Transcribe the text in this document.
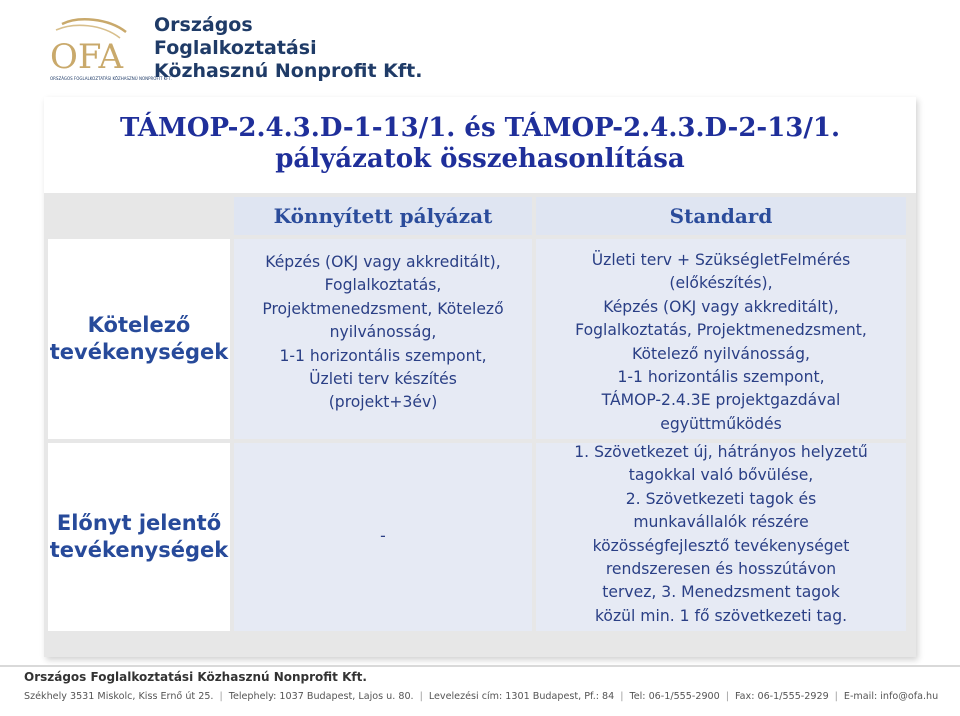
OFA
ORSZÁGOS FOGLALKOZTATÁSI KÖZHASZNÚ NONPROFIT KFT.
Országos
Foglalkoztatási
Közhasznú Nonprofit Kft.
TÁMOP-2.4.3.D-1-13/1. és TÁMOP-2.4.3.D-2-13/1.
pályázatok összehasonlítása
Könnyített pályázat	Standard
Kötelező
tevékenységek
Képzés (OKJ vagy akkreditált),
Foglalkoztatás,
Projektmenedzsment, Kötelező
nyilvánosság,
1-1 horizontális szempont,
Üzleti terv készítés
(projekt+3év)
Üzleti terv + SzükségletFelmérés
(előkészítés),
Képzés (OKJ vagy akkreditált),
Foglalkoztatás, Projektmenedzsment,
Kötelező nyilvánosság,
1-1 horizontális szempont,
TÁMOP-2.4.3E projektgazdával
együttműködés
Előnyt jelentő
tevékenységek
-
1. Szövetkezet új, hátrányos helyzetű
tagokkal való bővülése,
2. Szövetkezeti tagok és
munkavállalók részére
közösségfejlesztő tevékenységet
rendszeresen és hosszútávon
tervez, 3. Menedzsment tagok
közül min. 1 fő szövetkezeti tag.
Országos Foglalkoztatási Közhasznú Nonprofit Kft.
Székhely 3531 Miskolc, Kiss Ernő út 25. | Telephely: 1037 Budapest, Lajos u. 80. | Levelezési cím: 1301 Budapest, Pf.: 84 | Tel: 06-1/555-2900 | Fax: 06-1/555-2929 | E-mail: info@ofa.hu
